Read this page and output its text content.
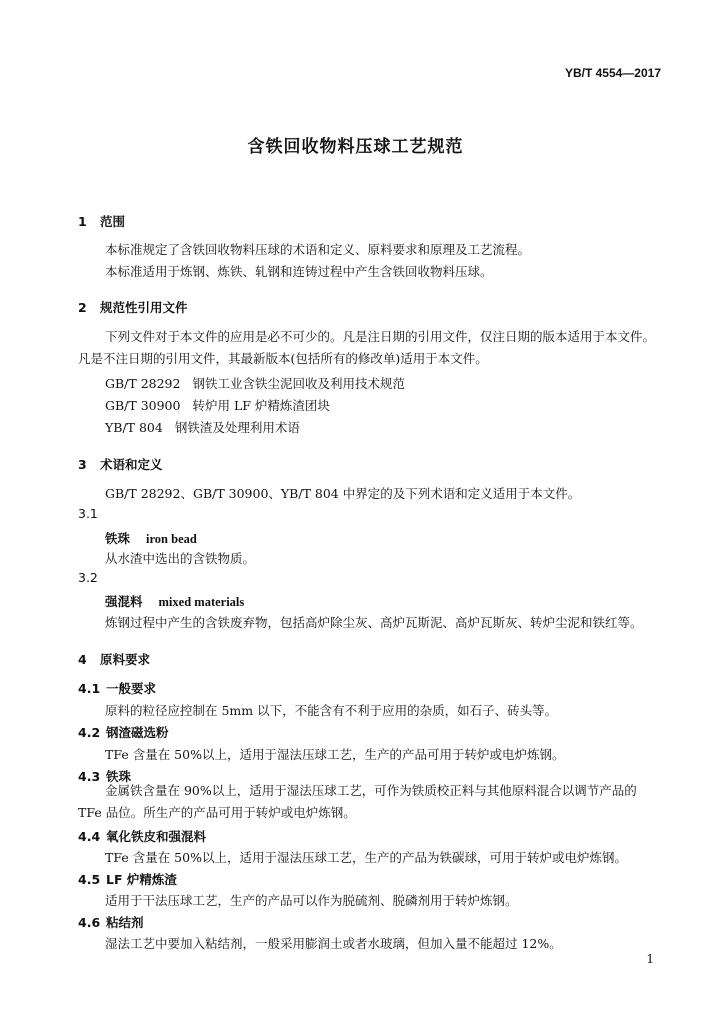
YB/T 4554—2017
含铁回收物料压球工艺规范
1 范围
本标准规定了含铁回收物料压球的术语和定义、原料要求和原理及工艺流程。
本标准适用于炼钢、炼铁、轧钢和连铸过程中产生含铁回收物料压球。
2 规范性引用文件
下列文件对于本文件的应用是必不可少的。凡是注日期的引用文件，仅注日期的版本适用于本文件。凡是不注日期的引用文件，其最新版本(包括所有的修改单)适用于本文件。
GB/T 28292 钢铁工业含铁尘泥回收及利用技术规范
GB/T 30900 转炉用 LF 炉精炼渣团块
YB/T 804 钢铁渣及处理利用术语
3 术语和定义
GB/T 28292、GB/T 30900、YB/T 804 中界定的及下列术语和定义适用于本文件。
3.1
铁珠 iron bead
从水渣中选出的含铁物质。
3.2
强混料 mixed materials
炼钢过程中产生的含铁废弃物，包括高炉除尘灰、高炉瓦斯泥、高炉瓦斯灰、转炉尘泥和铁红等。
4 原料要求
4.1 一般要求
原料的粒径应控制在 5mm 以下，不能含有不利于应用的杂质，如石子、砖头等。
4.2 钢渣磁选粉
TFe 含量在 50%以上，适用于湿法压球工艺，生产的产品可用于转炉或电炉炼钢。
4.3 铁珠
金属铁含量在 90%以上，适用于湿法压球工艺，可作为铁质校正料与其他原料混合以调节产品的 TFe 品位。所生产的产品可用于转炉或电炉炼钢。
4.4 氧化铁皮和强混料
TFe 含量在 50%以上，适用于湿法压球工艺，生产的产品为铁碳球，可用于转炉或电炉炼钢。
4.5 LF 炉精炼渣
适用于干法压球工艺，生产的产品可以作为脱硫剂、脱磷剂用于转炉炼钢。
4.6 粘结剂
湿法工艺中要加入粘结剂，一般采用膨润土或者水玻璃，但加入量不能超过 12%。
1
